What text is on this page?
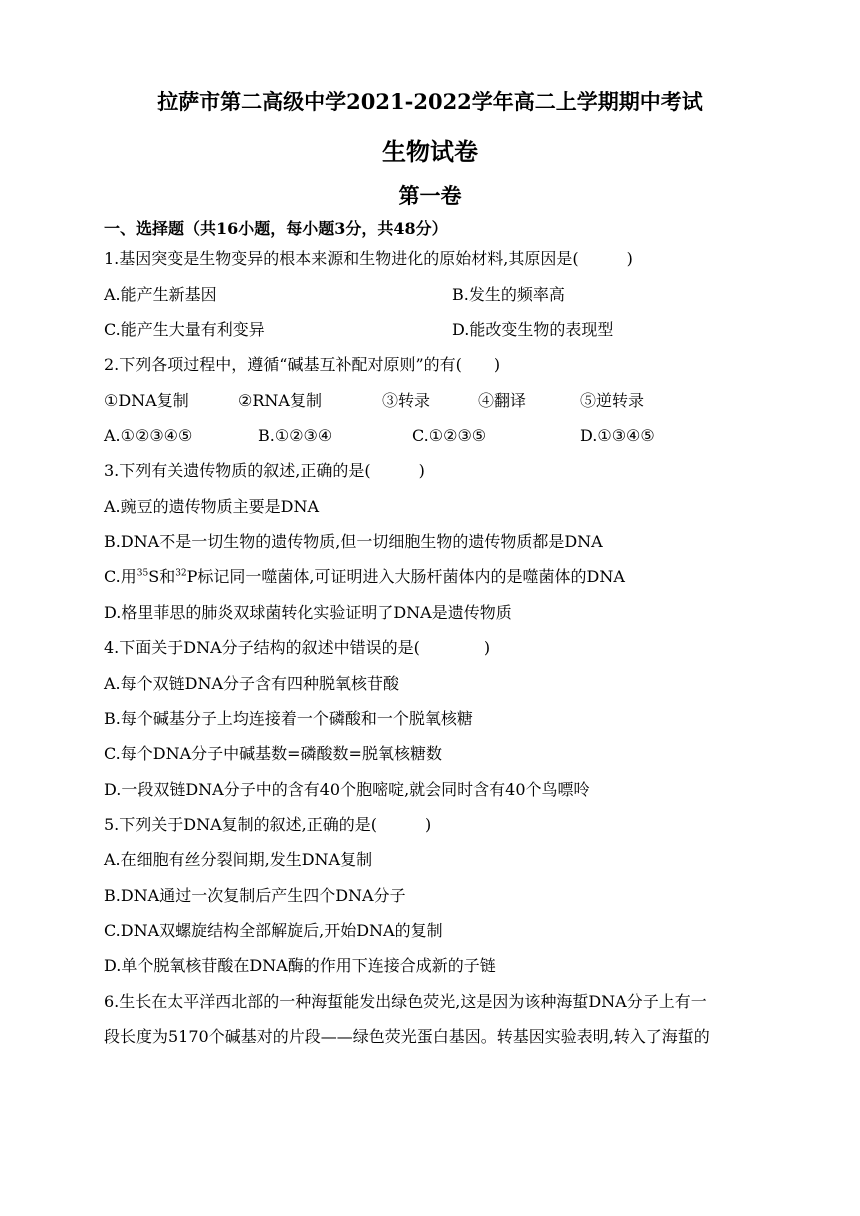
拉萨市第二高级中学2021-2022学年高二上学期期中考试
生物试卷
第一卷
一、选择题（共16小题，每小题3分，共48分）
1.基因突变是生物变异的根本来源和生物进化的原始材料,其原因是(　　　)
A.能产生新基因	B.发生的频率高
C.能产生大量有利变异	D.能改变生物的表现型
2.下列各项过程中，遵循“碱基互补配对原则”的有(　　)
①DNA复制	②RNA复制	③转录	④翻译	⑤逆转录
A.①②③④⑤	B.①②③④	C.①②③⑤	D.①③④⑤
3.下列有关遗传物质的叙述,正确的是(　　　)
A.豌豆的遗传物质主要是DNA
B.DNA不是一切生物的遗传物质,但一切细胞生物的遗传物质都是DNA
C.用$^{35}$S和$^{32}$P标记同一噬菌体,可证明进入大肠杆菌体内的是噬菌体的DNA
D.格里菲思的肺炎双球菌转化实验证明了DNA是遗传物质
4.下面关于DNA分子结构的叙述中错误的是(　　　　)
A.每个双链DNA分子含有四种脱氧核苷酸
B.每个碱基分子上均连接着一个磷酸和一个脱氧核糖
C.每个DNA分子中碱基数=磷酸数=脱氧核糖数
D.一段双链DNA分子中的含有40个胞嘧啶,就会同时含有40个鸟嘌呤
5.下列关于DNA复制的叙述,正确的是(　　　)
A.在细胞有丝分裂间期,发生DNA复制
B.DNA通过一次复制后产生四个DNA分子
C.DNA双螺旋结构全部解旋后,开始DNA的复制
D.单个脱氧核苷酸在DNA酶的作用下连接合成新的子链
6.生长在太平洋西北部的一种海蜇能发出绿色荧光,这是因为该种海蜇DNA分子上有一
段长度为5170个碱基对的片段——绿色荧光蛋白基因。转基因实验表明,转入了海蜇的
